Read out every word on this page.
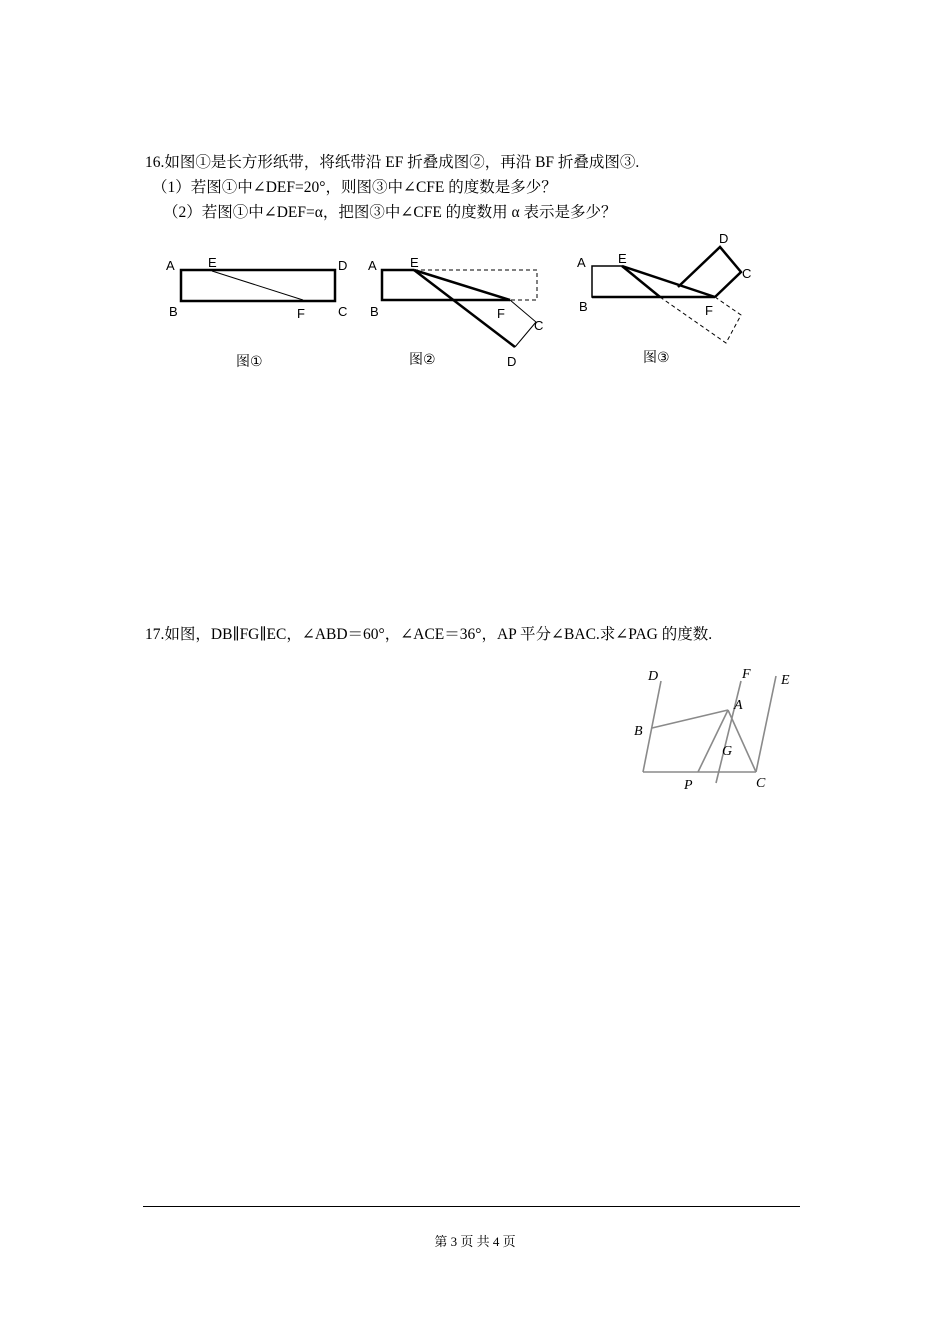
16.如图①是长方形纸带，将纸带沿 EF 折叠成图②，再沿 BF 折叠成图③.
（1）若图①中∠DEF=20°，则图③中∠CFE 的度数是多少？
（2）若图①中∠DEF=α，把图③中∠CFE 的度数用 α 表示是多少？
A	E	D
B	F	C
图①
A	E
B	F
C
D
图②
A E
D
C
B	F
图③
17.如图，DB∥FG∥EC，∠ABD＝60°，∠ACE＝36°，AP 平分∠BAC.求∠PAG 的度数.
D	F E
A
B
G
P	C
第 3 页 共 4 页
